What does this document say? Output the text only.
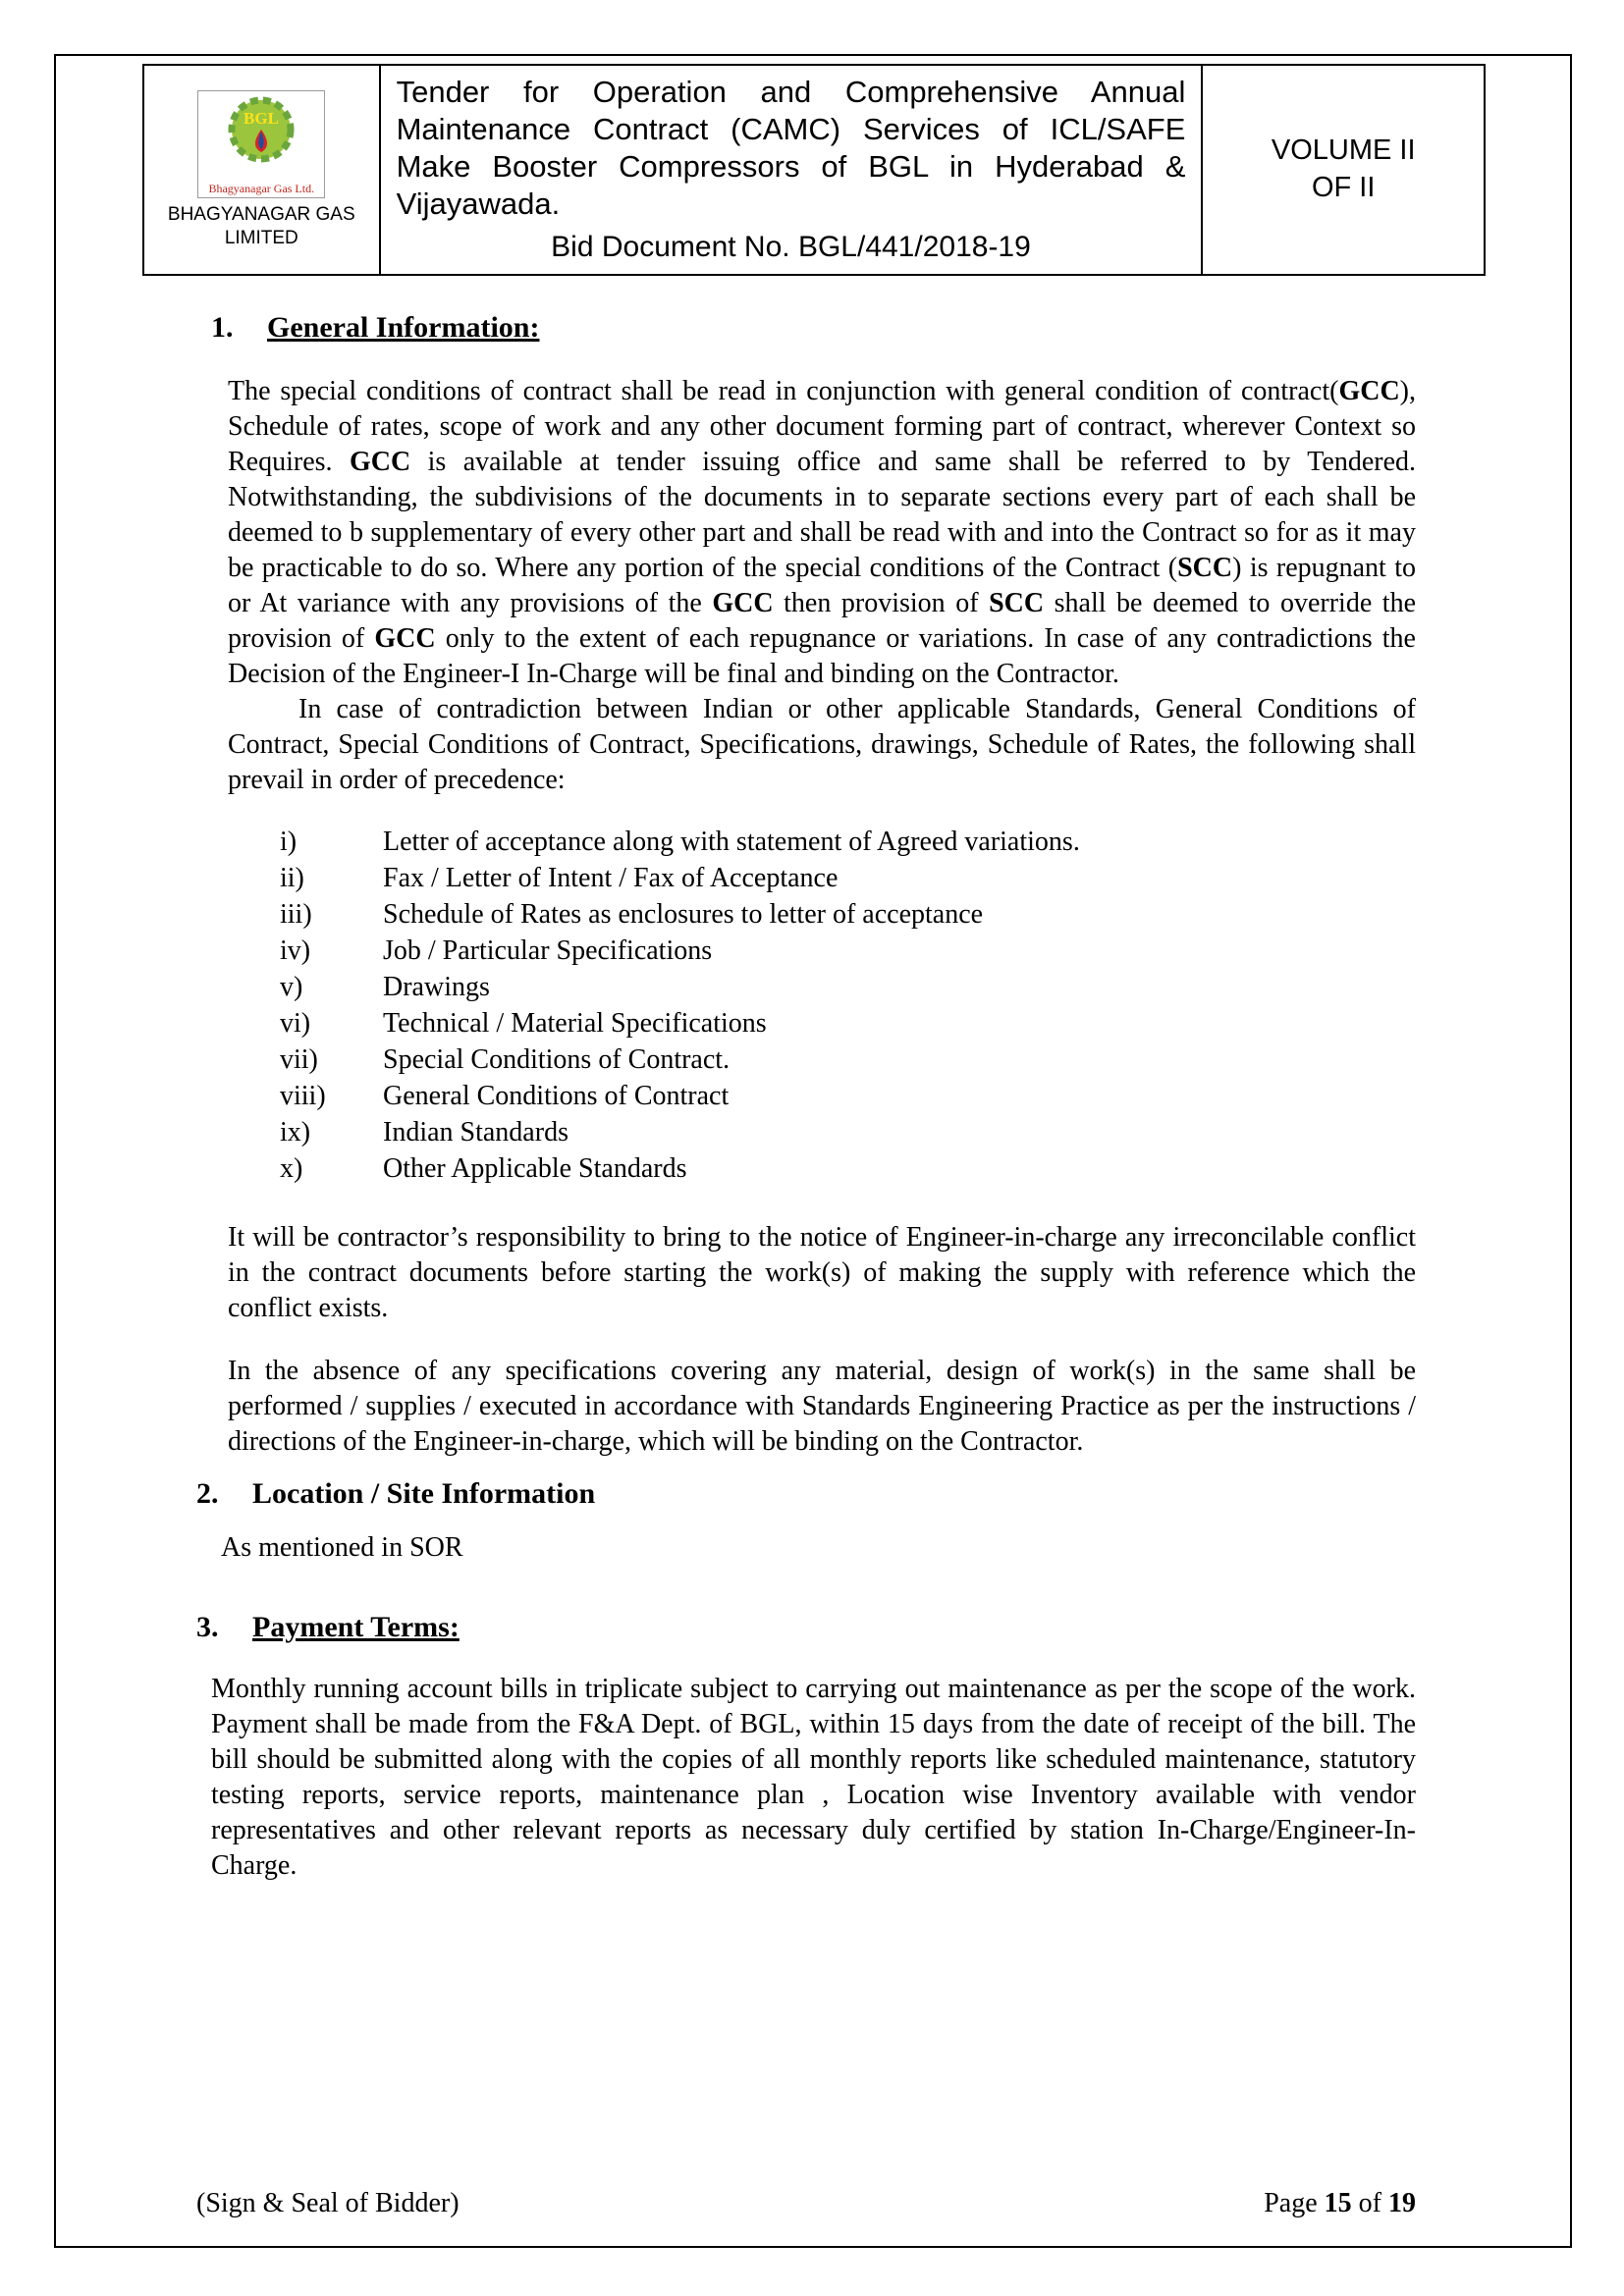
BGL
Bhagyanagar Gas Ltd.
BHAGYANAGAR GAS LIMITED

Tender for Operation and Comprehensive Annual Maintenance Contract (CAMC) Services of ICL/SAFE Make Booster Compressors of BGL in Hyderabad & Vijayawada.
Bid Document No. BGL/441/2018-19

VOLUME II
OF II
1.	General Information:

The special conditions of contract shall be read in conjunction with general condition of contract(GCC), Schedule of rates, scope of work and any other document forming part of contract, wherever Context so Requires. GCC is available at tender issuing office and same shall be referred to by Tendered. Notwithstanding, the subdivisions of the documents in to separate sections every part of each shall be deemed to b supplementary of every other part and shall be read with and into the Contract so for as it may be practicable to do so. Where any portion of the special conditions of the Contract (SCC) is repugnant to or At variance with any provisions of the GCC then provision of SCC shall be deemed to override the provision of GCC only to the extent of each repugnance or variations. In case of any contradictions the Decision of the Engineer-I In-Charge will be final and binding on the Contractor.

In case of contradiction between Indian or other applicable Standards, General Conditions of Contract, Special Conditions of Contract, Specifications, drawings, Schedule of Rates, the following shall prevail in order of precedence:

i)	Letter of acceptance along with statement of Agreed variations.
ii)	Fax / Letter of Intent / Fax of Acceptance
iii)	Schedule of Rates as enclosures to letter of acceptance
iv)	Job / Particular Specifications
v)	Drawings
vi)	Technical / Material Specifications
vii)	Special Conditions of Contract.
viii)	General Conditions of Contract
ix)	Indian Standards
x)	Other Applicable Standards

It will be contractor’s responsibility to bring to the notice of Engineer-in-charge any irreconcilable conflict in the contract documents before starting the work(s) of making the supply with reference which the conflict exists.

In the absence of any specifications covering any material, design of work(s) in the same shall be performed / supplies / executed in accordance with Standards Engineering Practice as per the instructions / directions of the Engineer-in-charge, which will be binding on the Contractor.

2.	Location / Site Information

As mentioned in SOR

3.	Payment Terms:

Monthly running account bills in triplicate subject to carrying out maintenance as per the scope of the work. Payment shall be made from the F&A Dept. of BGL, within 15 days from the date of receipt of the bill. The bill should be submitted along with the copies of all monthly reports like scheduled maintenance, statutory testing reports, service reports, maintenance plan , Location wise Inventory available with vendor representatives and other relevant reports as necessary duly certified by station In-Charge/Engineer-In-Charge.

(Sign & Seal of Bidder)	Page 15 of 19
